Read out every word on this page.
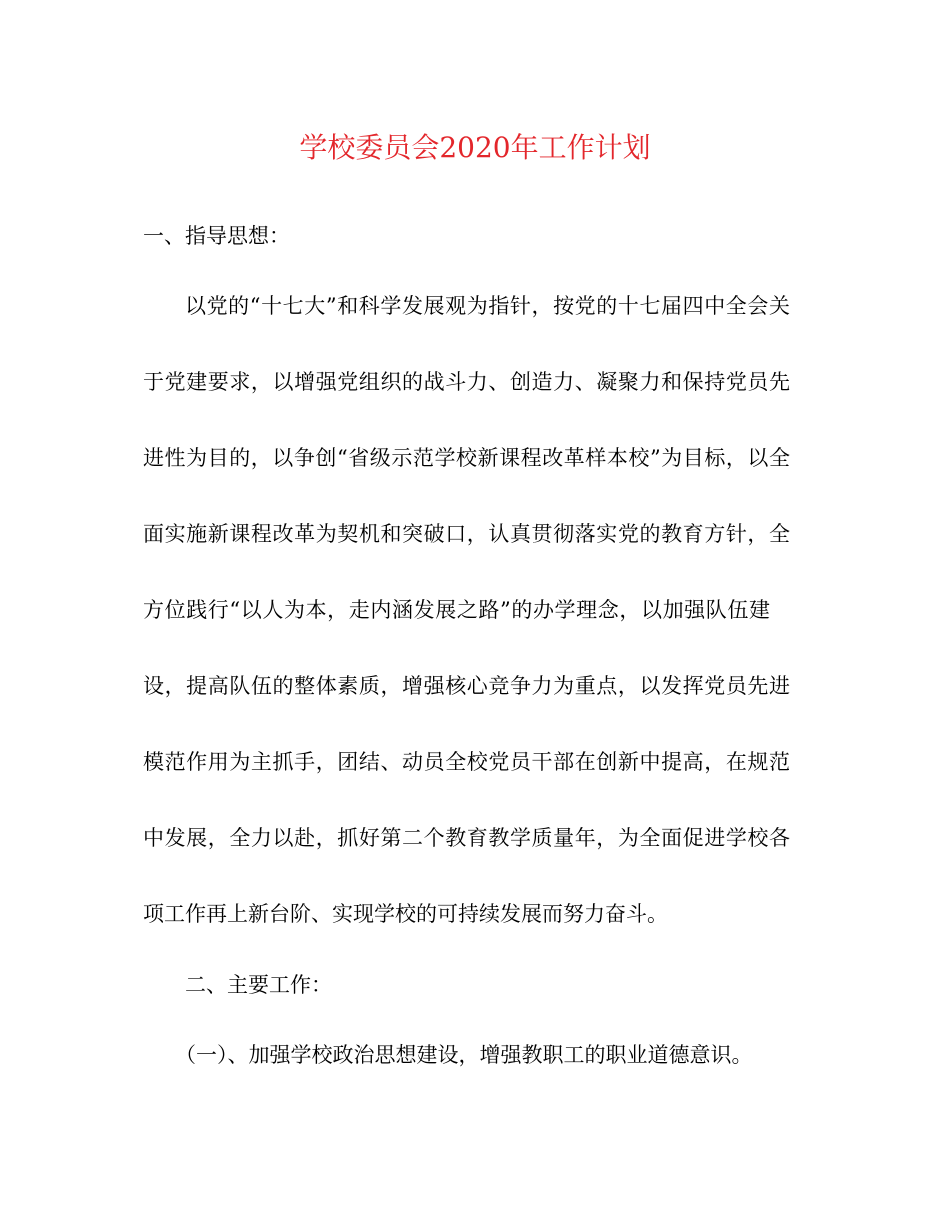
学校委员会2020年工作计划
一、指导思想：
以党的“十七大”和科学发展观为指针，按党的十七届四中全会关
于党建要求，以增强党组织的战斗力、创造力、凝聚力和保持党员先
进性为目的，以争创“省级示范学校新课程改革样本校”为目标，以全
面实施新课程改革为契机和突破口，认真贯彻落实党的教育方针，全
方位践行“以人为本，走内涵发展之路”的办学理念，以加强队伍建
设，提高队伍的整体素质，增强核心竞争力为重点，以发挥党员先进
模范作用为主抓手，团结、动员全校党员干部在创新中提高，在规范
中发展，全力以赴，抓好第二个教育教学质量年，为全面促进学校各
项工作再上新台阶、实现学校的可持续发展而努力奋斗。
二、主要工作：
（一）、加强学校政治思想建设，增强教职工的职业道德意识。
